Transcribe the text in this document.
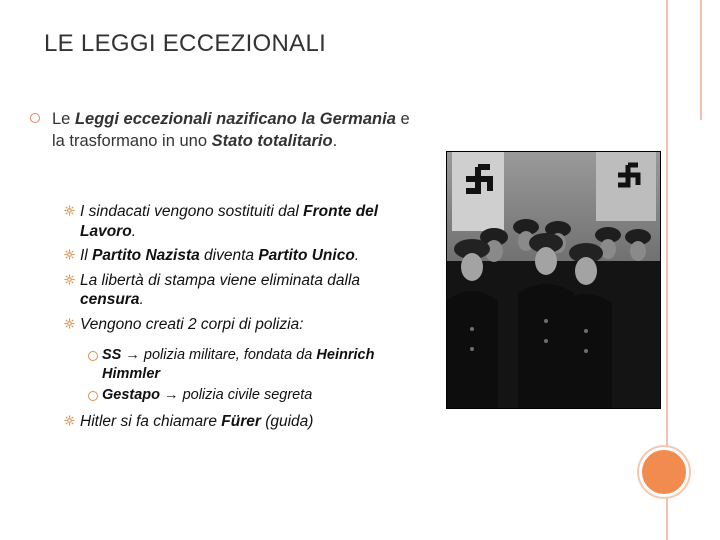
LE LEGGI ECCEZIONALI
Le Leggi eccezionali nazificano la Germania e la trasformano in uno Stato totalitario.
I sindacati vengono sostituiti dal Fronte del Lavoro.
Il Partito Nazista diventa Partito Unico.
La libertà di stampa viene eliminata dalla censura.
Vengono creati 2 corpi di polizia:
SS → polizia militare, fondata da Heinrich Himmler
Gestapo → polizia civile segreta
Hitler si fa chiamare Fürer (guida)
